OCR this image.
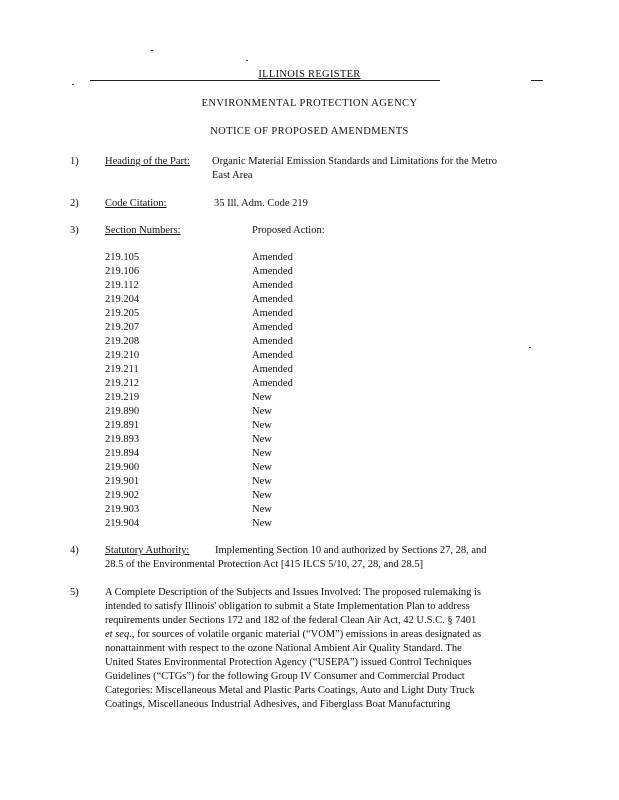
ILLINOIS REGISTER
ENVIRONMENTAL PROTECTION AGENCY
NOTICE OF PROPOSED AMENDMENTS
1)	Heading of the Part: Organic Material Emission Standards and Limitations for the Metro
East Area
2)	Code Citation:	35 Ill. Adm. Code 219
3)	Section Numbers:	Proposed Action:
219.105	Amended
219.106	Amended
219.112	Amended
219.204	Amended
219.205	Amended
219.207	Amended
219.208	Amended
219.210	Amended
219.211	Amended
219.212	Amended
219.219	New
219.890	New
219.891	New
219.893	New
219.894	New
219.900	New
219.901	New
219.902	New
219.903	New
219.904	New
4)	Statutory Authority: Implementing Section 10 and authorized by Sections 27, 28, and
28.5 of the Environmental Protection Act [415 ILCS 5/10, 27, 28, and 28.5]
5)	A Complete Description of the Subjects and Issues Involved: The proposed rulemaking is

intended to satisfy Illinois' obligation to submit a State Implementation Plan to address

requirements under Sections 172 and 182 of the federal Clean Air Act, 42 U.S.C. § 7401

et seq., for sources of volatile organic material (“VOM”) emissions in areas designated as

nonattainment with respect to the ozone National Ambient Air Quality Standard. The

United States Environmental Protection Agency (“USEPA”) issued Control Techniques

Guidelines (“CTGs”) for the following Group IV Consumer and Commercial Product

Categories: Miscellaneous Metal and Plastic Parts Coatings, Auto and Light Duty Truck

Coatings, Miscellaneous Industrial Adhesives, and Fiberglass Boat Manufacturing
